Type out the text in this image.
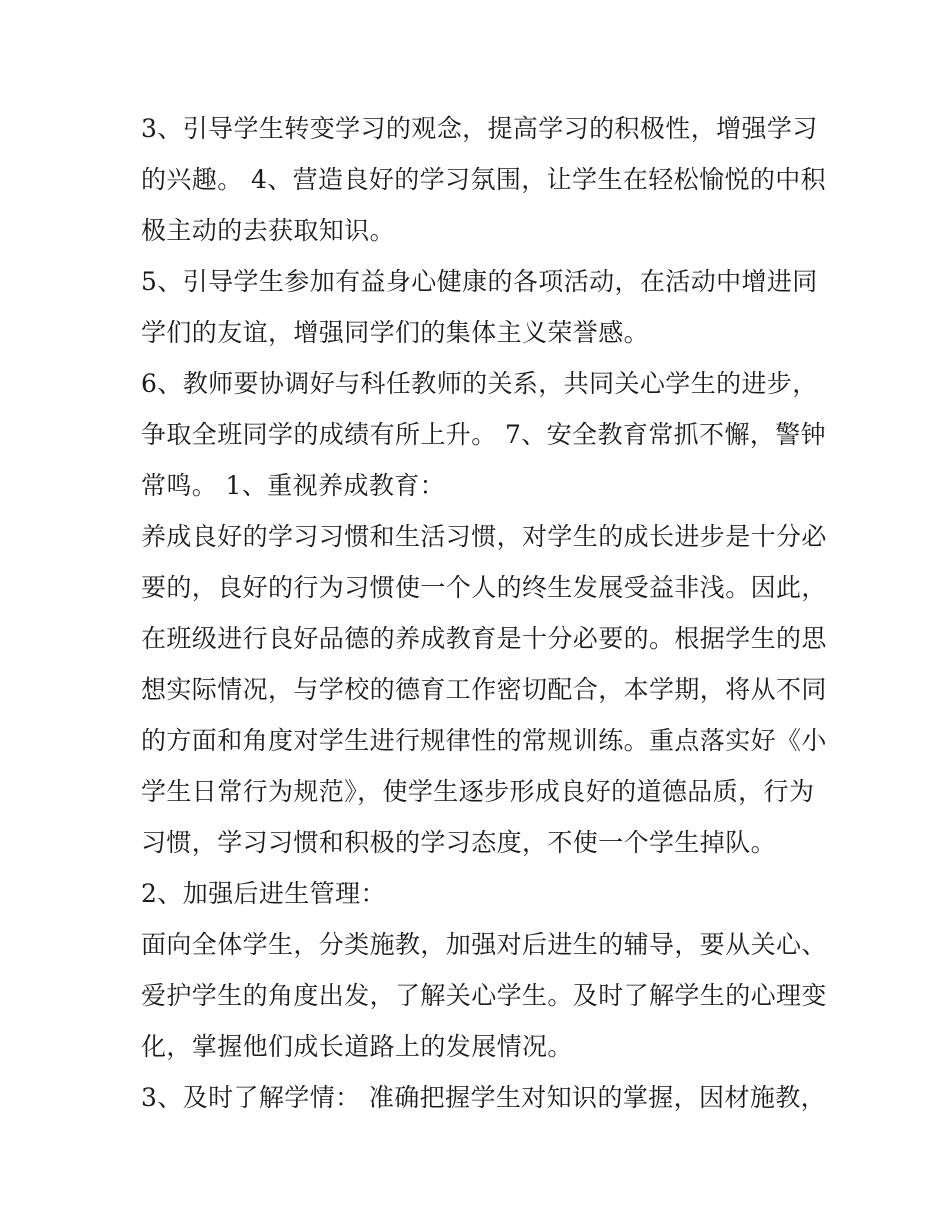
3、引导学生转变学习的观念，提高学习的积极性，增强学习
的兴趣。 4、营造良好的学习氛围，让学生在轻松愉悦的中积
极主动的去获取知识。
5、引导学生参加有益身心健康的各项活动，在活动中增进同
学们的友谊，增强同学们的集体主义荣誉感。
6、教师要协调好与科任教师的关系，共同关心学生的进步，
争取全班同学的成绩有所上升。 7、安全教育常抓不懈，警钟
常鸣。 1、重视养成教育：
养成良好的学习习惯和生活习惯，对学生的成长进步是十分必
要的，良好的行为习惯使一个人的终生发展受益非浅。因此，
在班级进行良好品德的养成教育是十分必要的。根据学生的思
想实际情况，与学校的德育工作密切配合，本学期，将从不同
的方面和角度对学生进行规律性的常规训练。重点落实好《小
学生日常行为规范》，使学生逐步形成良好的道德品质，行为
习惯，学习习惯和积极的学习态度，不使一个学生掉队。
2、加强后进生管理：
面向全体学生，分类施教，加强对后进生的辅导，要从关心、
爱护学生的角度出发，了解关心学生。及时了解学生的心理变
化，掌握他们成长道路上的发展情况。
3、及时了解学情： 准确把握学生对知识的掌握，因材施教，
